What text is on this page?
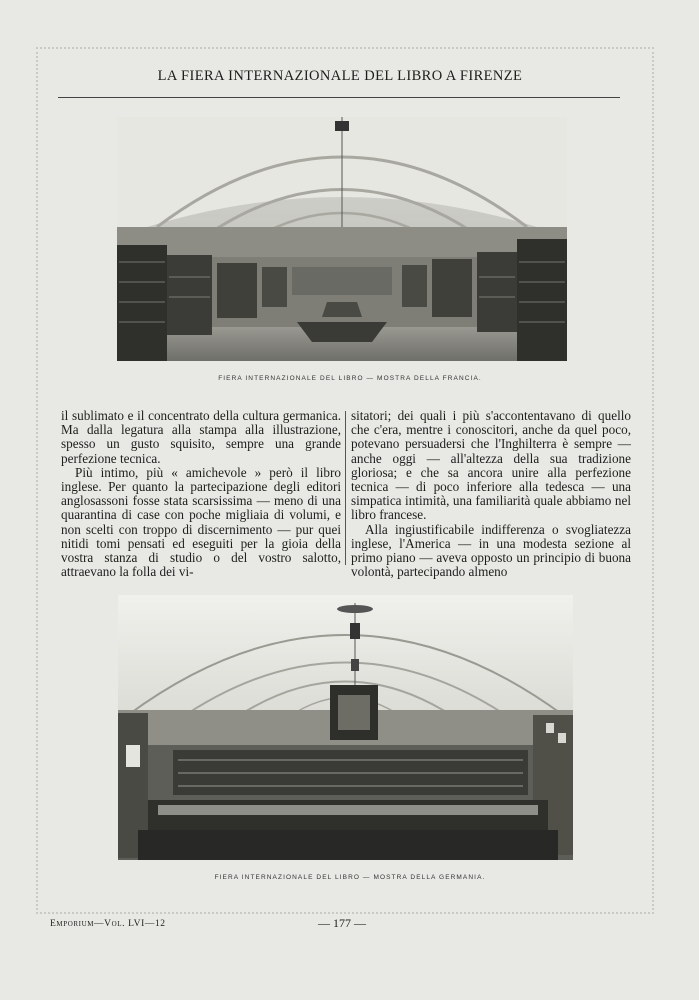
LA FIERA INTERNAZIONALE DEL LIBRO A FIRENZE
FIERA INTERNAZIONALE DEL LIBRO — MOSTRA DELLA FRANCIA.

il sublimato e il concentrato della cultura germanica. Ma dalla legatura alla stampa alla illustrazione, spesso un gusto squisito, sempre una grande perfezione tecnica.

Più intimo, più « amichevole » però il libro inglese. Per quanto la partecipazione degli editori anglosassoni fosse stata scarsissima — meno di una quarantina di case con poche migliaia di volumi, e non scelti con troppo di discernimento — pur quei nitidi tomi pensati ed eseguiti per la gioia della vostra stanza di studio o del vostro salotto, attraevano la folla dei vi-

sitatori; dei quali i più s'accontentavano di quello che c'era, mentre i conoscitori, anche da quel poco, potevano persuadersi che l'Inghilterra è sempre — anche oggi — all'altezza della sua tradizione gloriosa; e che sa ancora unire alla perfezione tecnica — di poco inferiore alla tedesca — una simpatica intimità, una familiarità quale abbiamo nel libro francese.

Alla ingiustificabile indifferenza o svogliatezza inglese, l'America — in una modesta sezione al primo piano — aveva opposto un principio di buona volontà, partecipando almeno

FIERA INTERNAZIONALE DEL LIBRO — MOSTRA DELLA GERMANIA.
Emporium—Vol. LVI—12	— 177 —
